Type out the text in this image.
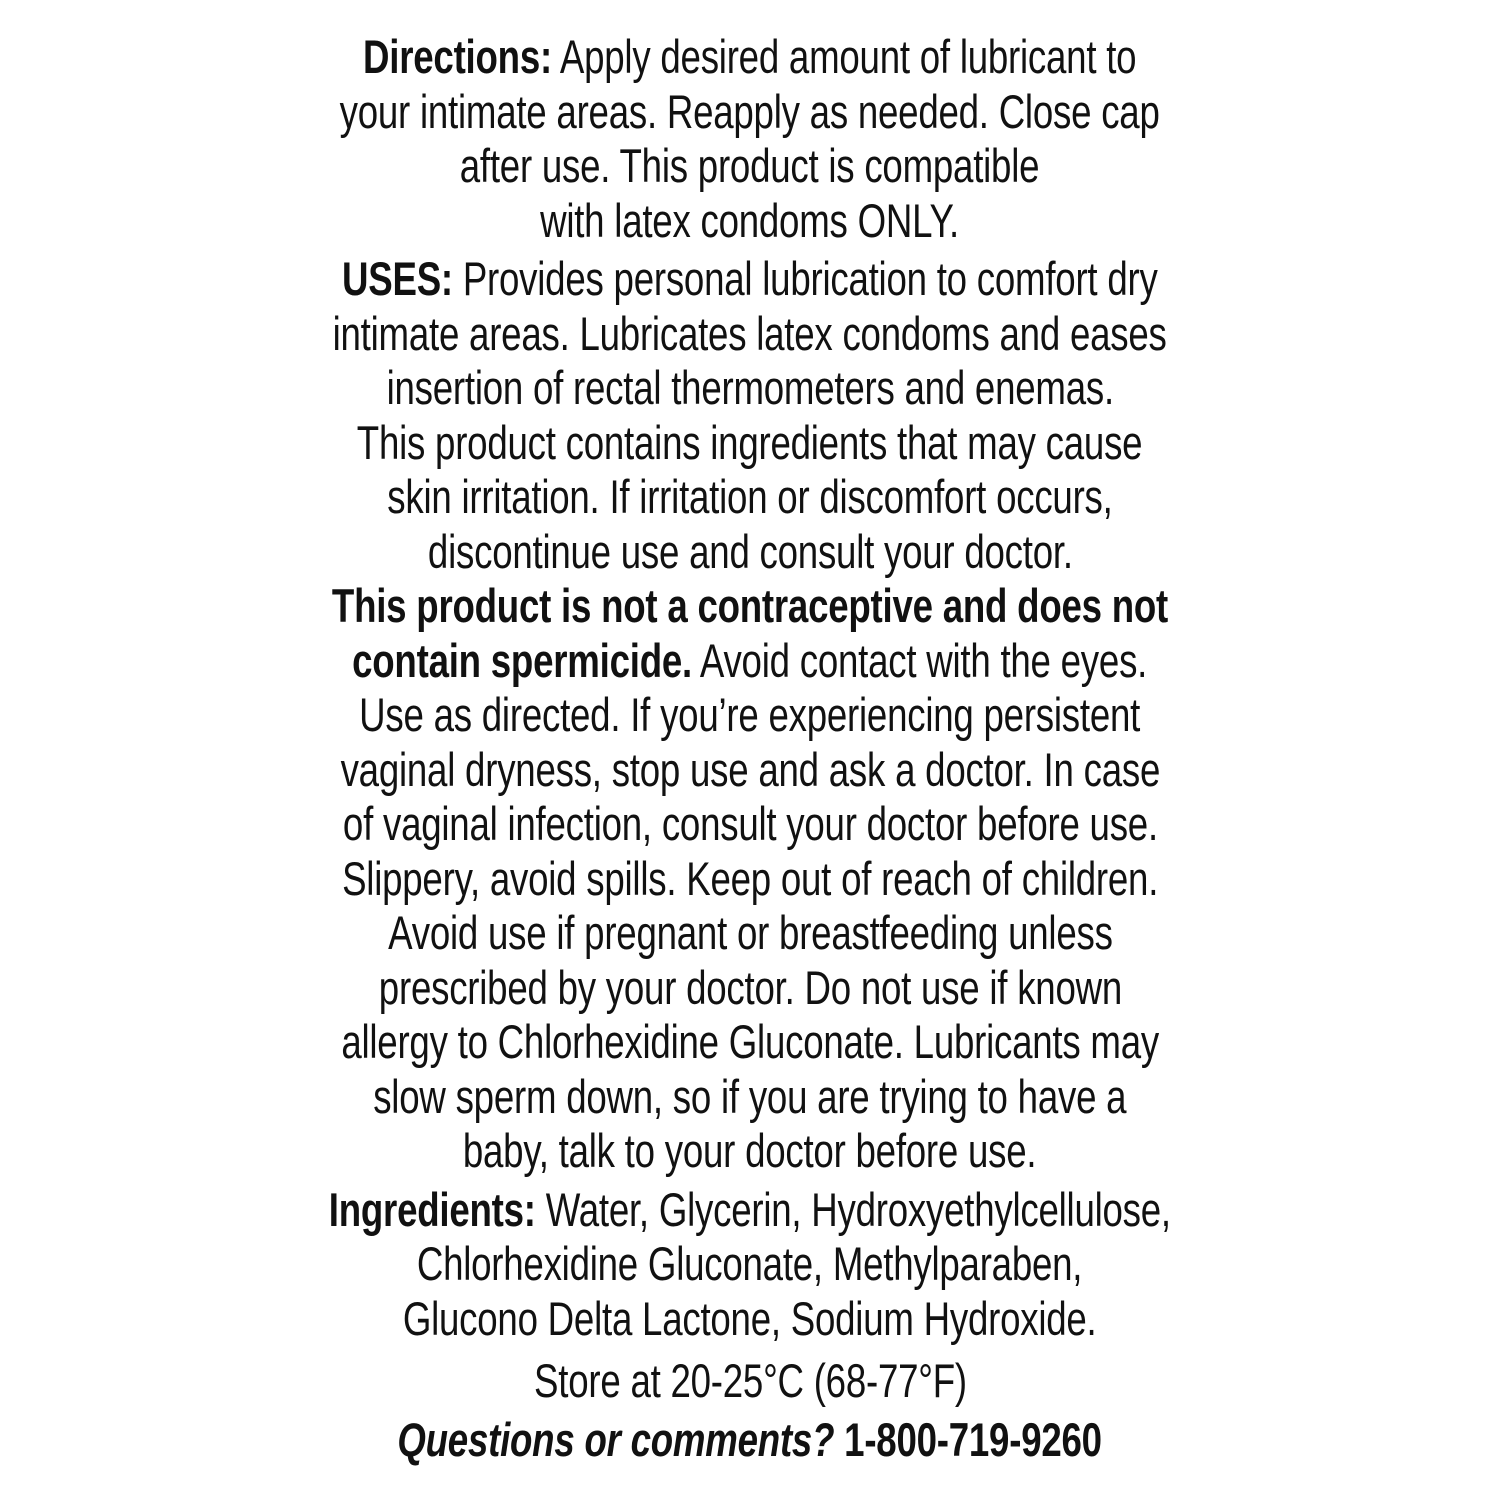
Directions: Apply desired amount of lubricant to
your intimate areas. Reapply as needed. Close cap
after use. This product is compatible
with latex condoms ONLY.
USES: Provides personal lubrication to comfort dry
intimate areas. Lubricates latex condoms and eases
insertion of rectal thermometers and enemas.
This product contains ingredients that may cause
skin irritation. If irritation or discomfort occurs,
discontinue use and consult your doctor.
This product is not a contraceptive and does not
contain spermicide. Avoid contact with the eyes.
Use as directed. If you’re experiencing persistent
vaginal dryness, stop use and ask a doctor. In case
of vaginal infection, consult your doctor before use.
Slippery, avoid spills. Keep out of reach of children.
Avoid use if pregnant or breastfeeding unless
prescribed by your doctor. Do not use if known
allergy to Chlorhexidine Gluconate. Lubricants may
slow sperm down, so if you are trying to have a
baby, talk to your doctor before use.
Ingredients: Water, Glycerin, Hydroxyethylcellulose,
Chlorhexidine Gluconate, Methylparaben,
Glucono Delta Lactone, Sodium Hydroxide.
Store at 20-25°C (68-77°F)
Questions or comments? 1-800-719-9260
